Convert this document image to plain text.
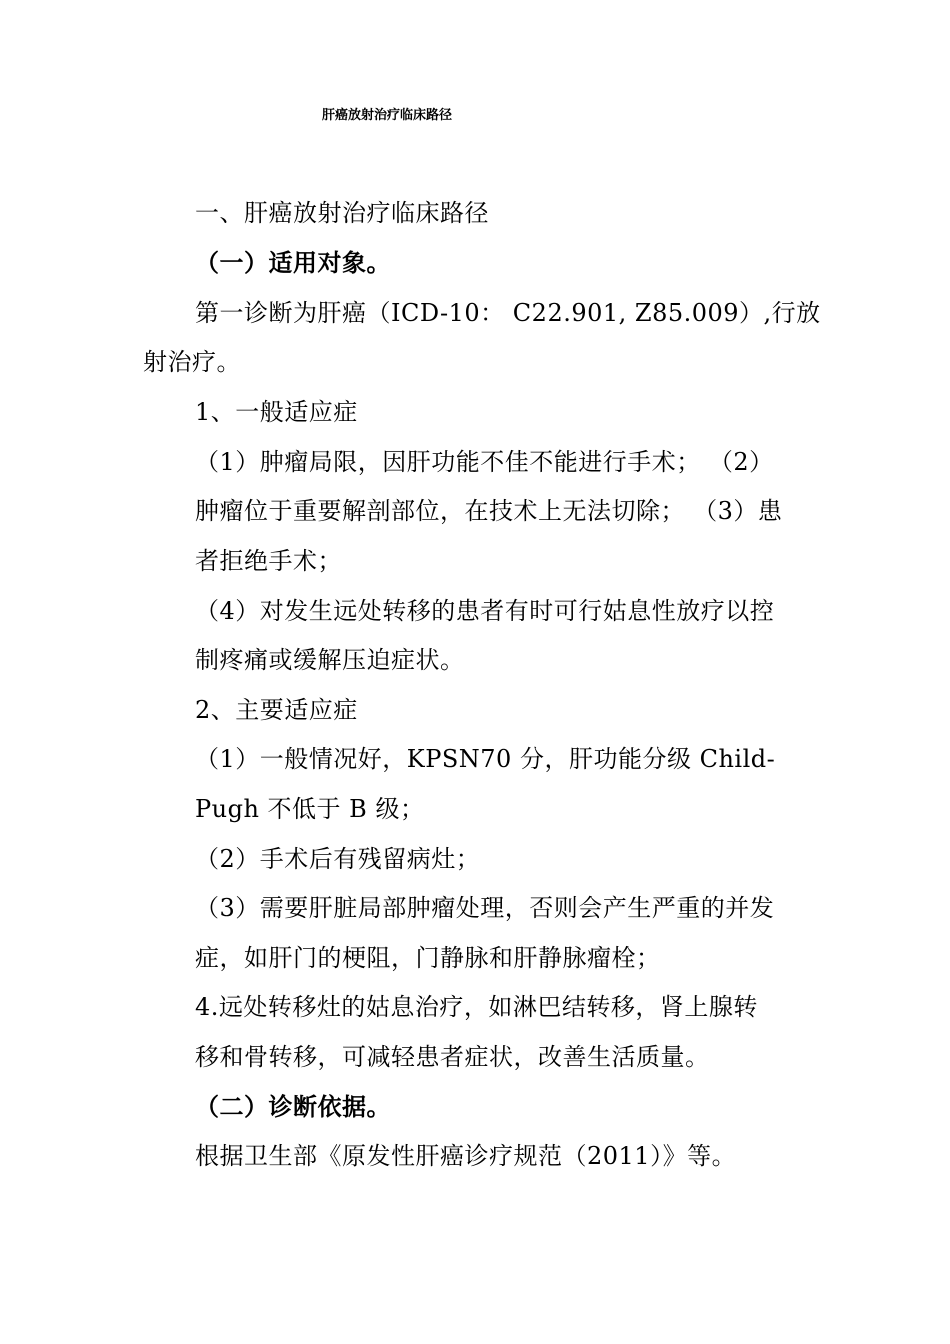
肝癌放射治疗临床路径
一、肝癌放射治疗临床路径
（一）适用对象。
第一诊断为肝癌（ICD-10： C22.901, Z85.009）,行放
射治疗。
1、一般适应症
（1）肿瘤局限，因肝功能不佳不能进行手术； （2）
肿瘤位于重要解剖部位，在技术上无法切除； （3）患
者拒绝手术；
（4）对发生远处转移的患者有时可行姑息性放疗以控
制疼痛或缓解压迫症状。
2、主要适应症
（1）一般情况好，KPSN70 分，肝功能分级 Child-
Pugh 不低于 B 级；
（2）手术后有残留病灶；
（3）需要肝脏局部肿瘤处理，否则会产生严重的并发
症，如肝门的梗阻，门静脉和肝静脉瘤栓；
4.远处转移灶的姑息治疗，如淋巴结转移，肾上腺转
移和骨转移，可减轻患者症状，改善生活质量。
（二）诊断依据。
根据卫生部《原发性肝癌诊疗规范（2011）》等。
